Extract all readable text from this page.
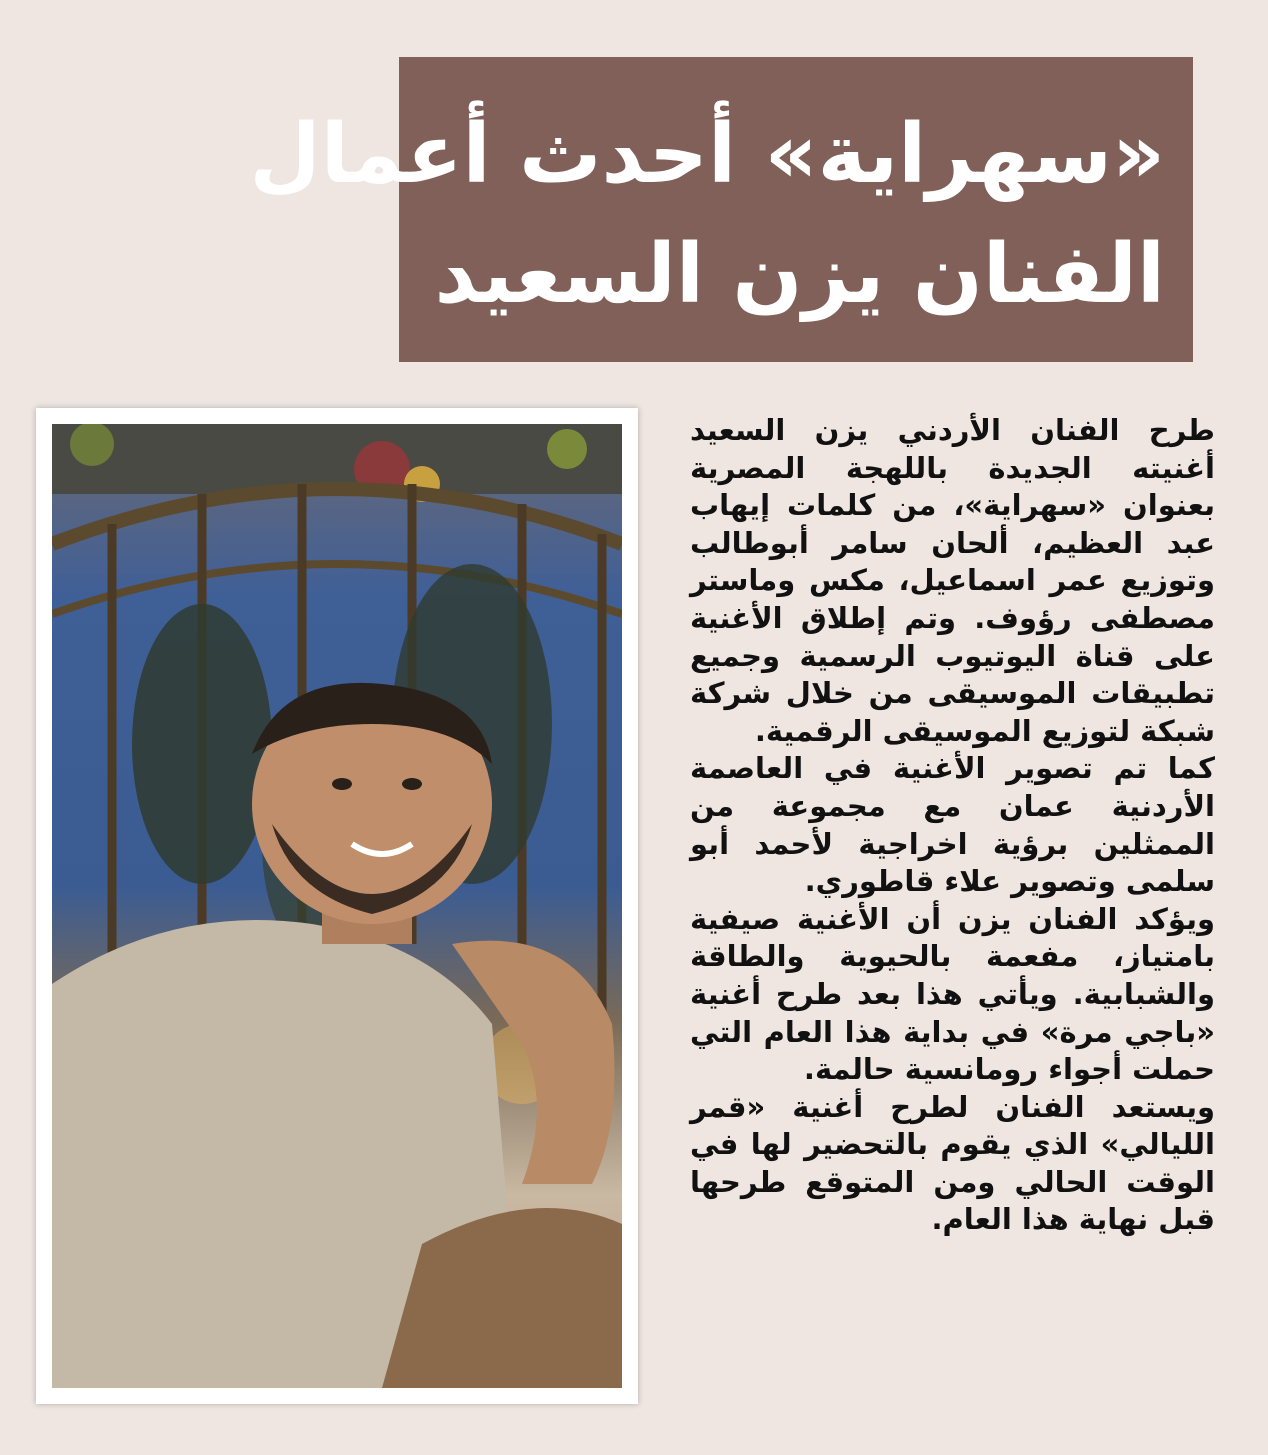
«سهراية» أحدث أعمال
الفنان يزن السعيد

طرح الفنان الأردني يزن السعيد أغنيته الجديدة باللهجة المصرية بعنوان «سهراية»، من كلمات إيهاب عبد العظيم، ألحان سامر أبوطالب وتوزيع عمر اسماعيل، مكس وماستر مصطفى رؤوف. وتم إطلاق الأغنية على قناة اليوتيوب الرسمية وجميع تطبيقات الموسيقى من خلال شركة شبكة لتوزيع الموسيقى الرقمية.

كما تم تصوير الأغنية في العاصمة الأردنية عمان مع مجموعة من الممثلين برؤية اخراجية لأحمد أبو سلمى وتصوير علاء قاطوري.

ويؤكد الفنان يزن أن الأغنية صيفية بامتياز، مفعمة بالحيوية والطاقة والشبابية. ويأتي هذا بعد طرح أغنية «باجي مرة» في بداية هذا العام التي حملت أجواء رومانسية حالمة.

ويستعد الفنان لطرح أغنية «قمر الليالي» الذي يقوم بالتحضير لها في الوقت الحالي ومن المتوقع طرحها قبل نهاية هذا العام.
